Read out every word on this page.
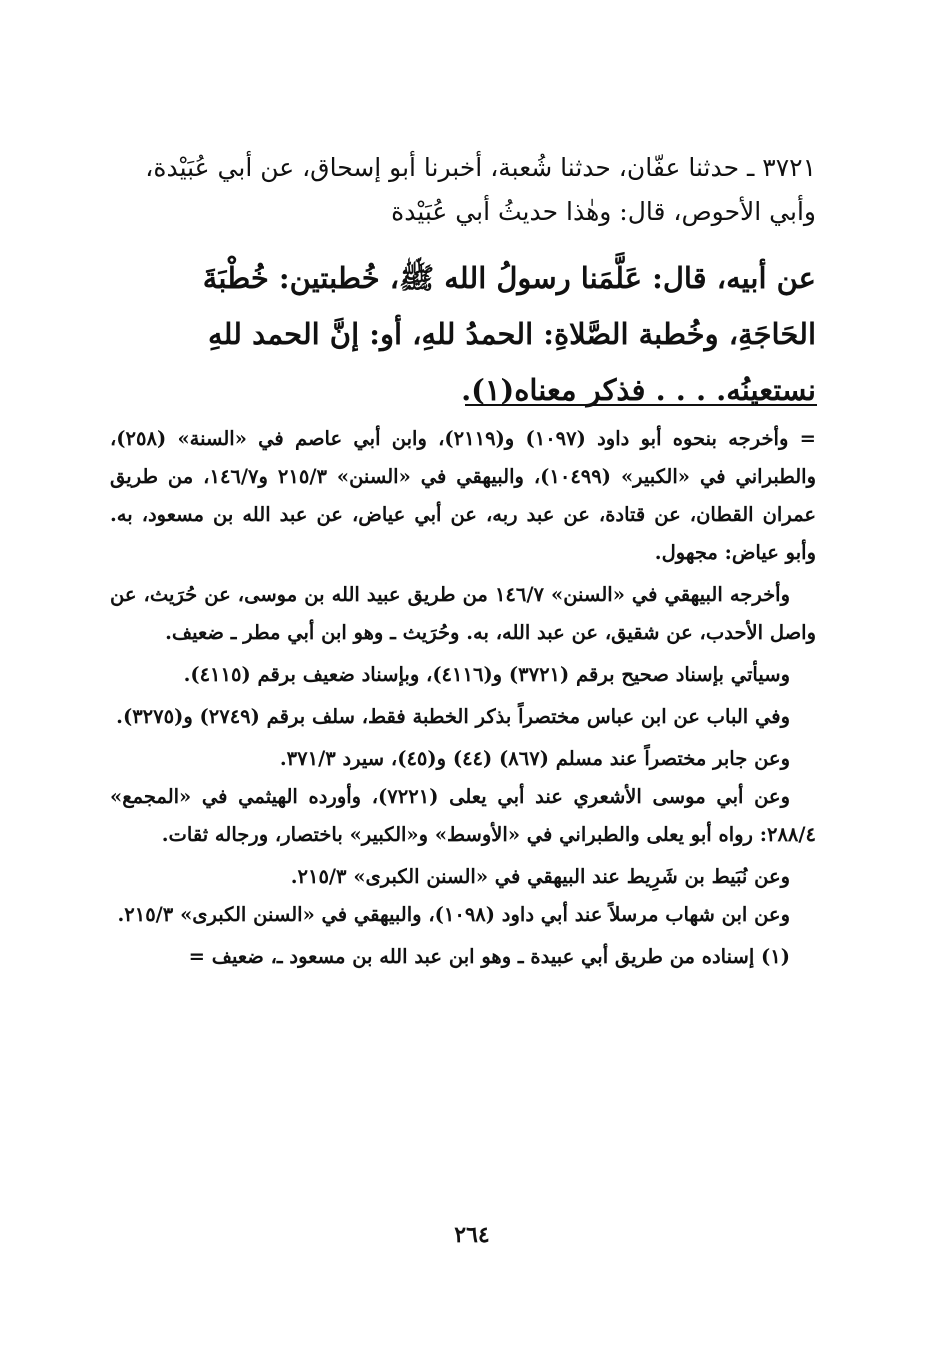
٣٧٢١ ـ حدثنا عفّان، حدثنا شُعبة، أخبرنا أبو إسحاق، عن أبي عُبَيْدة،
وأبي الأحوص، قال: وهٰذا حديثُ أبي عُبَيْدة
عن أبيه، قال: عَلَّمَنا رسولُ الله ﷺ، خُطبتين: خُطْبَةَ
الحَاجَةِ، وخُطبة الصَّلاةِ: الحمدُ للهِ، أو: إنَّ الحمد للهِ
نستعينُه. . . . فذكر معناه(١).

= وأخرجه بنحوه أبو داود (١٠٩٧) و(٢١١٩)، وابن أبي عاصم في «السنة» (٢٥٨)، والطبراني في «الكبير» (١٠٤٩٩)، والبيهقي في «السنن» ٢١٥/٣ و١٤٦/٧، من طريق عمران القطان، عن قتادة، عن عبد ربه، عن أبي عياض، عن عبد الله بن مسعود، به. وأبو عياض: مجهول.

وأخرجه البيهقي في «السنن» ١٤٦/٧ من طريق عبيد الله بن موسى، عن حُرَيث، عن واصل الأحدب، عن شقيق، عن عبد الله، به. وحُرَيث ـ وهو ابن أبي مطر ـ ضعيف.

وسيأتي بإسناد صحيح برقم (٣٧٢١) و(٤١١٦)، وبإسناد ضعيف برقم (٤١١٥).

وفي الباب عن ابن عباس مختصراً بذكر الخطبة فقط، سلف برقم (٢٧٤٩) و(٣٢٧٥).

وعن جابر مختصراً عند مسلم (٨٦٧) (٤٤) و(٤٥)، سيرد ٣٧١/٣.

وعن أبي موسى الأشعري عند أبي يعلى (٧٢٢١)، وأورده الهيثمي في «المجمع» ٢٨٨/٤: رواه أبو يعلى والطبراني في «الأوسط» و«الكبير» باختصار، ورجاله ثقات.

وعن نُبَيط بن شَرِيط عند البيهقي في «السنن الكبرى» ٢١٥/٣.

وعن ابن شهاب مرسلاً عند أبي داود (١٠٩٨)، والبيهقي في «السنن الكبرى» ٢١٥/٣.

(١) إسناده من طريق أبي عبيدة ـ وهو ابن عبد الله بن مسعود ـ، ضعيف =

٢٦٤
